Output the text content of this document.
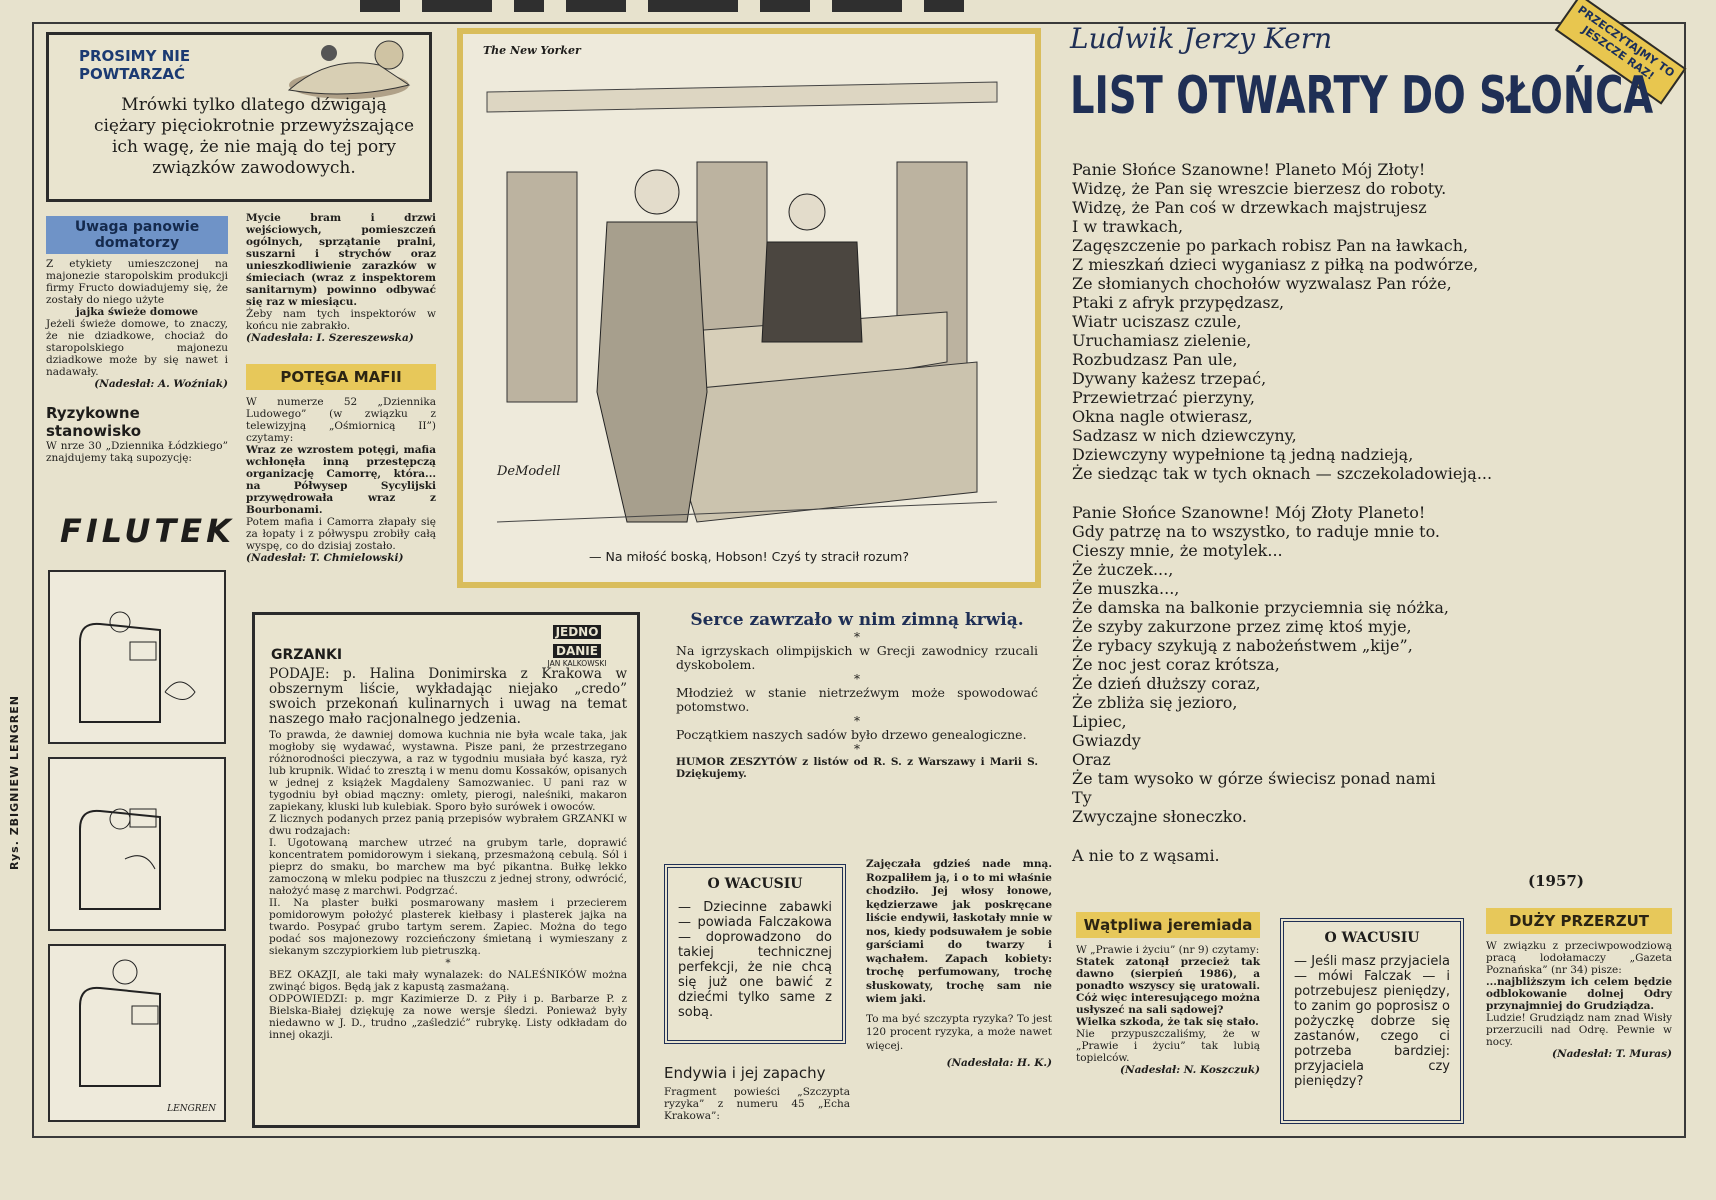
PRZECZYTAJMY TO JESZCZE RAZ!
Rys. ZBIGNIEW LENGREN
PROSIMY NIE
POWTARZAĆ

Mrówki tylko dlatego dźwigają ciężary pięciokrotnie przewyższające ich wagę, że nie mają do tej pory związków zawodowych.

Uwaga panowie domatorzy

Z etykiety umieszczonej na majonezie staropolskim produkcji firmy Fructo dowiadujemy się, że zostały do niego użyte

jajka świeże domowe

Jeżeli świeże domowe, to znaczy, że nie dziadkowe, chociaż do staropolskiego majonezu dziadkowe może by się nawet i nadawały.

(Nadesłał: A. Woźniak)

Ryzykowne stanowisko

W nrze 30 „Dziennika Łódzkiego” znajdujemy taką supozycję:

Mycie bram i drzwi wejściowych, pomieszczeń ogólnych, sprzątanie pralni, suszarni i strychów oraz unieszkodliwienie zarazków w śmieciach (wraz z inspektorem sanitarnym) powinno odbywać się raz w miesiącu.

Żeby nam tych inspektorów w końcu nie zabrakło.

(Nadesłała: I. Szereszewska)

POTĘGA MAFII

W numerze 52 „Dziennika Ludowego” (w związku z telewizyjną „Ośmiornicą II”) czytamy:

Wraz ze wzrostem potęgi, mafia wchłonęła inną przestępczą organizację Camorrę, która... na Półwysep Sycylijski przywędrowała wraz z Bourbonami.

Potem mafia i Camorra złapały się za łopaty i z półwyspu zrobiły całą wyspę, co do dzisiaj zostało.

(Nadesłał: T. Chmielowski)

FILUTEK
LENGREN
The New Yorker
DeModell
— Na miłość boską, Hobson! Czyś ty stracił rozum?
Ludwik Jerzy Kern
LIST OTWARTY DO SŁOŃCA

Panie Słońce Szanowne! Planeto Mój Złoty!

Widzę, że Pan się wreszcie bierzesz do roboty.

Widzę, że Pan coś w drzewkach majstrujesz

I w trawkach,

Zagęszczenie po parkach robisz Pan na ławkach,

Z mieszkań dzieci wyganiasz z piłką na podwórze,

Ze słomianych chochołów wyzwalasz Pan róże,

Ptaki z afryk przypędzasz,

Wiatr uciszasz czule,

Uruchamiasz zielenie,

Rozbudzasz Pan ule,

Dywany każesz trzepać,

Przewietrzać pierzyny,

Okna nagle otwierasz,

Sadzasz w nich dziewczyny,

Dziewczyny wypełnione tą jedną nadzieją,

Że siedząc tak w tych oknach — szczekoladowieją...

Panie Słońce Szanowne! Mój Złoty Planeto!

Gdy patrzę na to wszystko, to raduje mnie to.

Cieszy mnie, że motylek...

Że żuczek...,

Że muszka...,

Że damska na balkonie przyciemnia się nóżka,

Że szyby zakurzone przez zimę ktoś myje,

Że rybacy szykują z nabożeństwem „kije”,

Że noc jest coraz krótsza,

Że dzień dłuższy coraz,

Że zbliża się jezioro,

Lipiec,

Gwiazdy

Oraz

Że tam wysoko w górze świecisz ponad nami

Ty

Zwyczajne słoneczko.

A nie to z wąsami.

(1957)
GRZANKI
JEDNO DANIE
JAN KALKOWSKI

PODAJE: p. Halina Donimirska z Krakowa w obszernym liście, wykładając niejako „credo” swoich przekonań kulinarnych i uwag na temat naszego mało racjonalnego jedzenia.

To prawda, że dawniej domowa kuchnia nie była wcale taka, jak mogłoby się wydawać, wystawna. Pisze pani, że przestrzegano różnorodności pieczywa, a raz w tygodniu musiała być kasza, ryż lub krupnik. Widać to zresztą i w menu domu Kossaków, opisanych w jednej z książek Magdaleny Samozwaniec. U pani raz w tygodniu był obiad mączny: omlety, pierogi, naleśniki, makaron zapiekany, kluski lub kulebiak. Sporo było surówek i owoców.

Z licznych podanych przez panią przepisów wybrałem GRZANKI w dwu rodzajach:

I. Ugotowaną marchew utrzeć na grubym tarle, doprawić koncentratem pomidorowym i siekaną, przesmażoną cebulą. Sól i pieprz do smaku, bo marchew ma być pikantna. Bułkę lekko zamoczoną w mleku podpiec na tłuszczu z jednej strony, odwrócić, nałożyć masę z marchwi. Podgrzać.

II. Na plaster bułki posmarowany masłem i przecierem pomidorowym położyć plasterek kiełbasy i plasterek jajka na twardo. Posypać grubo tartym serem. Zapiec. Można do tego podać sos majonezowy rozcieńczony śmietaną i wymieszany z siekanym szczypiorkiem lub pietruszką.

*

BEZ OKAZJI, ale taki mały wynalazek: do NALEŚNIKÓW można zwinąć bigos. Będą jak z kapustą zasmażaną.

ODPOWIEDZI: p. mgr Kazimierze D. z Piły i p. Barbarze P. z Bielska-Białej dziękuję za nowe wersje śledzi. Ponieważ były niedawno w J. D., trudno „zaśledzić” rubrykę. Listy odkładam do innej okazji.

Serce zawrzało w nim zimną krwią.
*

Na igrzyskach olimpijskich w Grecji zawodnicy rzucali dyskobolem.

*

Młodzież w stanie nietrzeźwym może spowodować potomstwo.

*

Początkiem naszych sadów było drzewo genealogiczne.

*

HUMOR ZESZYTÓW z listów od R. S. z Warszawy i Marii S. Dziękujemy.

O WACUSIU

— Dziecinne zabawki — powiada Falczakowa — doprowadzono do takiej technicznej perfekcji, że nie chcą się już one bawić z dziećmi tylko same z sobą.

Endywia i jej zapachy

Fragment powieści „Szczypta ryzyka” z numeru 45 „Echa Krakowa”:

Zajęczała gdzieś nade mną. Rozpaliłem ją, i o to mi właśnie chodziło. Jej włosy łonowe, kędzierzawe jak poskręcane liście endywii, łaskotały mnie w nos, kiedy podsuwałem je sobie garściami do twarzy i wąchałem. Zapach kobiety: trochę perfumowany, trochę słuskowaty, trochę sam nie wiem jaki.

To ma być szczypta ryzyka? To jest 120 procent ryzyka, a może nawet więcej.

(Nadesłała: H. K.)

Wątpliwa jeremiada

W „Prawie i życiu” (nr 9) czytamy:

Statek zatonął przecież tak dawno (sierpień 1986), a ponadto wszyscy się uratowali. Cóż więc interesującego można usłyszeć na sali sądowej?

Wielka szkoda, że tak się stało.

Nie przypuszczaliśmy, że w „Prawie i życiu” tak lubią topielców.

(Nadesłał: N. Koszczuk)

O WACUSIU

— Jeśli masz przyjaciela — mówi Falczak — i potrzebujesz pieniędzy, to zanim go poprosisz o pożyczkę dobrze się zastanów, czego ci potrzeba bardziej: przyjaciela czy pieniędzy?

DUŻY PRZERZUT

W związku z przeciwpowodziową pracą lodołamaczy „Gazeta Poznańska” (nr 34) pisze:

...najbliższym ich celem będzie odblokowanie dolnej Odry przynajmniej do Grudziądza.

Ludzie! Grudziądz nam znad Wisły przerzucili nad Odrę. Pewnie w nocy.

(Nadesłał: T. Muras)
